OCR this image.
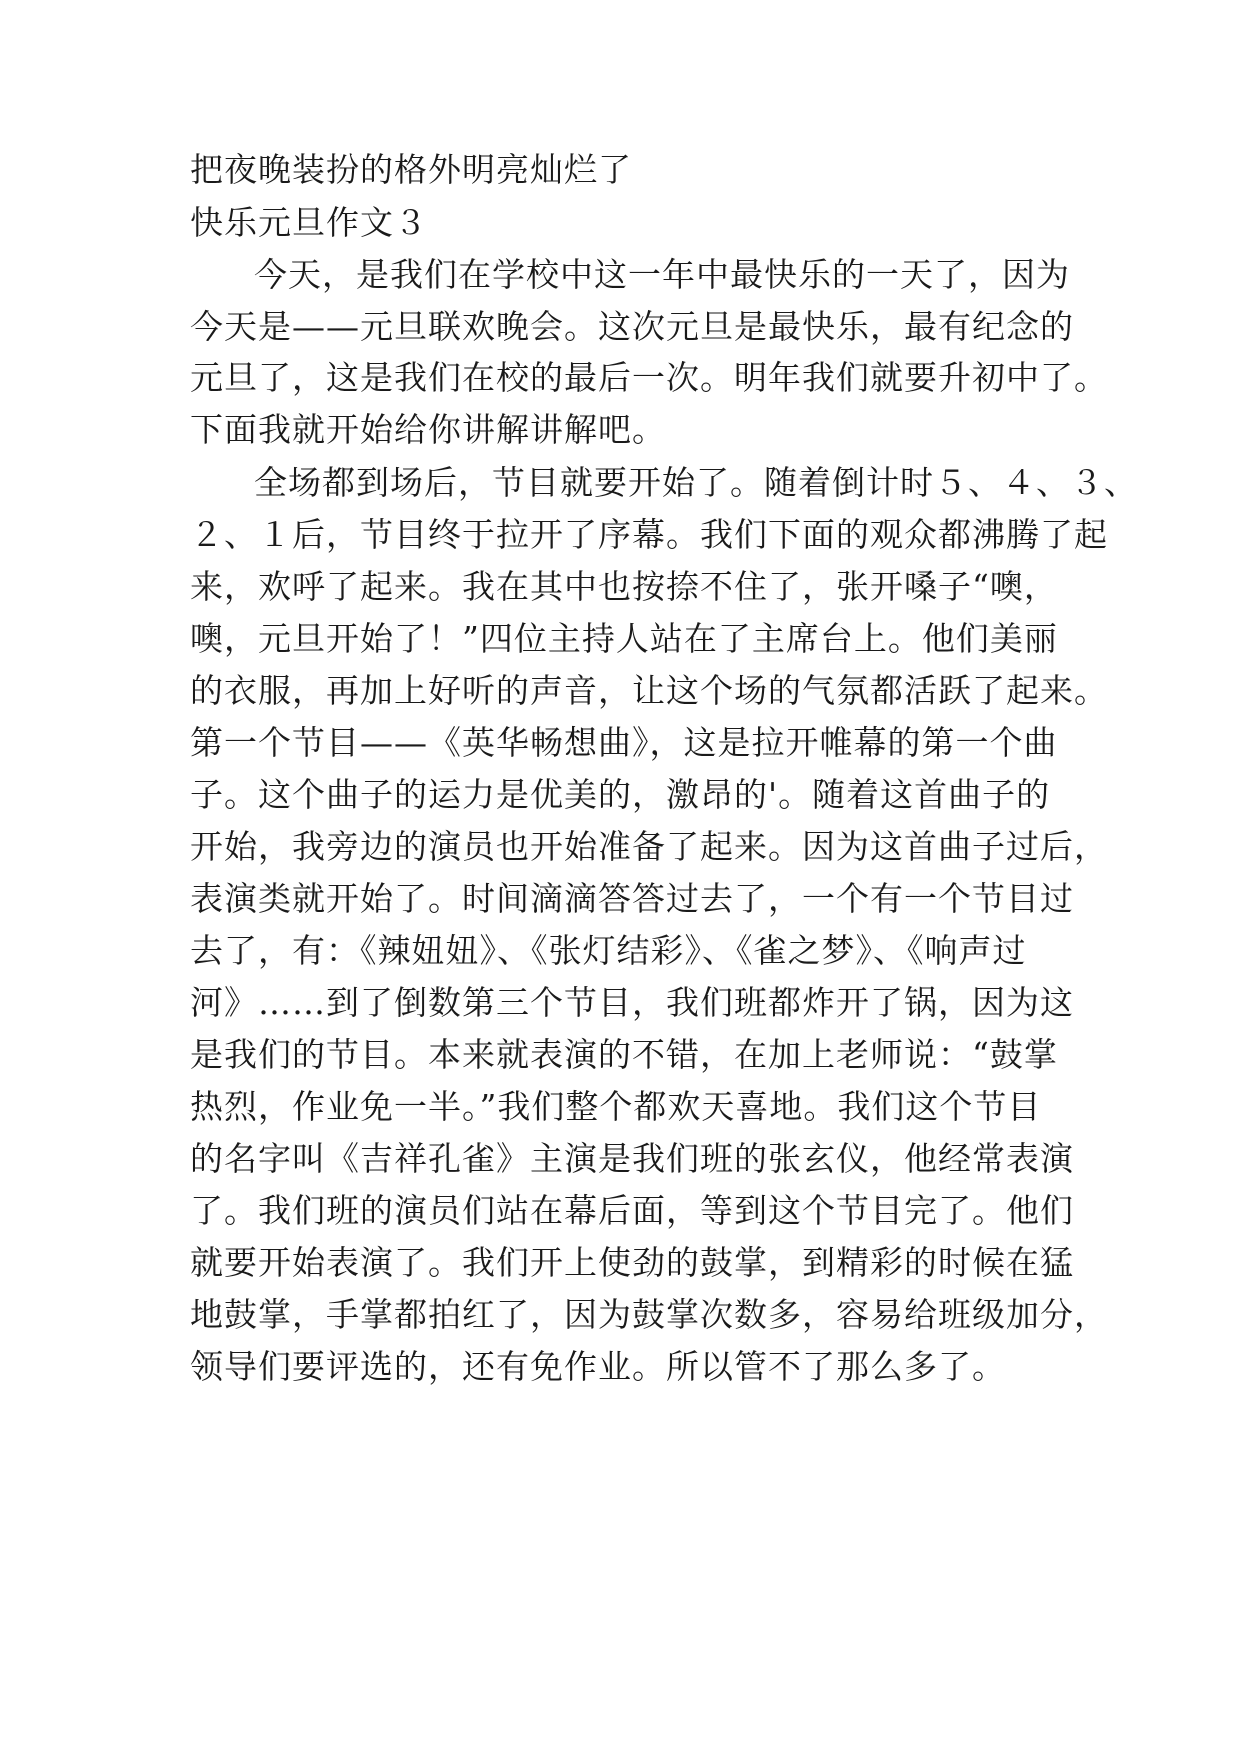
把夜晚装扮的格外明亮灿烂了
快乐元旦作文３
今天，是我们在学校中这一年中最快乐的一天了，因为
今天是——元旦联欢晚会。这次元旦是最快乐，最有纪念的
元旦了，这是我们在校的最后一次。明年我们就要升初中了。
下面我就开始给你讲解讲解吧。
全场都到场后，节目就要开始了。随着倒计时５、４、３、
２、１后，节目终于拉开了序幕。我们下面的观众都沸腾了起
来，欢呼了起来。我在其中也按捺不住了，张开嗓子“噢，
噢，元旦开始了！”四位主持人站在了主席台上。他们美丽
的衣服，再加上好听的声音，让这个场的气氛都活跃了起来。
第一个节目——《英华畅想曲》，这是拉开帷幕的第一个曲
子。这个曲子的运力是优美的，激昂的'。随着这首曲子的
开始，我旁边的演员也开始准备了起来。因为这首曲子过后，
表演类就开始了。时间滴滴答答过去了，一个有一个节目过
去了，有：《辣妞妞》、《张灯结彩》、《雀之梦》、《响声过
河》……到了倒数第三个节目，我们班都炸开了锅，因为这
是我们的节目。本来就表演的不错，在加上老师说：“鼓掌
热烈，作业免一半。”我们整个都欢天喜地。我们这个节目
的名字叫《吉祥孔雀》主演是我们班的张玄仪，他经常表演
了。我们班的演员们站在幕后面，等到这个节目完了。他们
就要开始表演了。我们开上使劲的鼓掌，到精彩的时候在猛
地鼓掌，手掌都拍红了，因为鼓掌次数多，容易给班级加分，
领导们要评选的，还有免作业。所以管不了那么多了。
